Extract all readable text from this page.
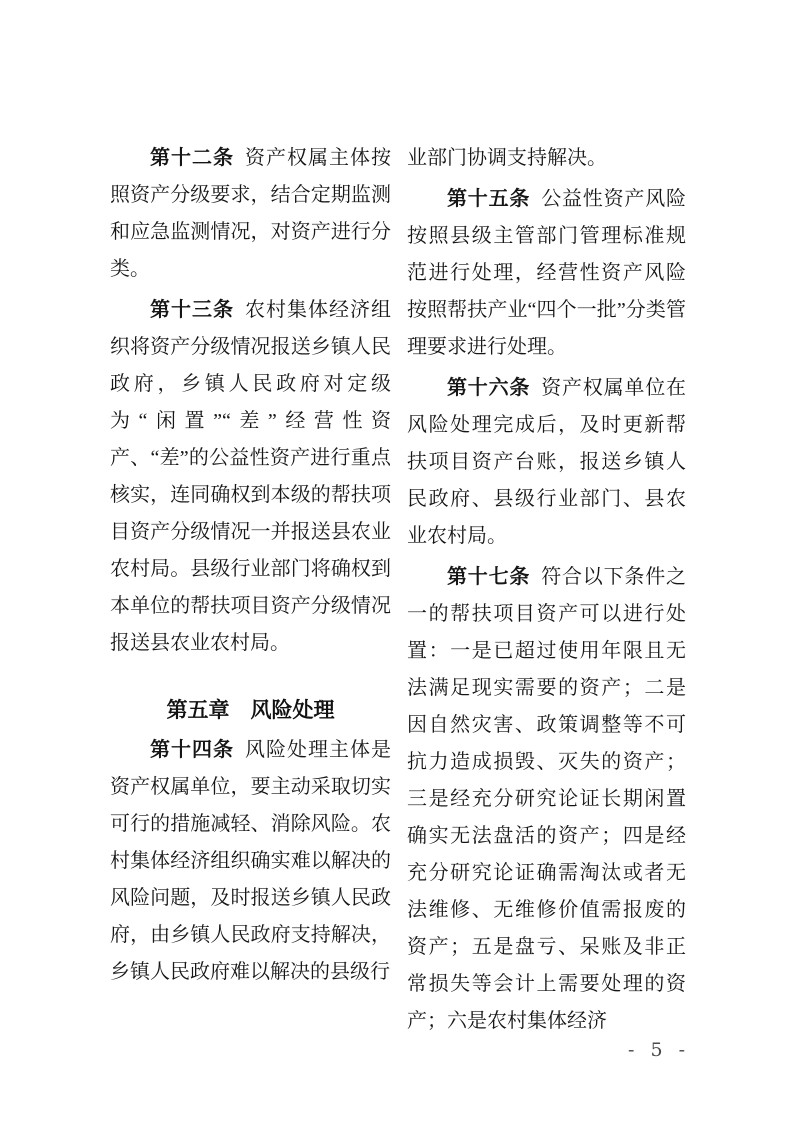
第十二条 资产权属主体按照资产分级要求，结合定期监测和应急监测情况，对资产进行分类。

第十三条 农村集体经济组织将资产分级情况报送乡镇人民政府，乡镇人民政府对定级为“闲置”“差”经营性资产、“差”的公益性资产进行重点核实，连同确权到本级的帮扶项目资产分级情况一并报送县农业农村局。县级行业部门将确权到本单位的帮扶项目资产分级情况报送县农业农村局。

第五章　风险处理

第十四条 风险处理主体是资产权属单位，要主动采取切实可行的措施减轻、消除风险。农村集体经济组织确实难以解决的风险问题，及时报送乡镇人民政府，由乡镇人民政府支持解决，乡镇人民政府难以解决的县级行

业部门协调支持解决。

第十五条 公益性资产风险按照县级主管部门管理标准规范进行处理，经营性资产风险按照帮扶产业“四个一批”分类管理要求进行处理。

第十六条 资产权属单位在风险处理完成后，及时更新帮扶项目资产台账，报送乡镇人民政府、县级行业部门、县农业农村局。

第十七条 符合以下条件之一的帮扶项目资产可以进行处置：一是已超过使用年限且无法满足现实需要的资产；二是因自然灾害、政策调整等不可抗力造成损毁、灭失的资产；三是经充分研究论证长期闲置确实无法盘活的资产；四是经充分研究论证确需淘汰或者无法维修、无维修价值需报废的资产；五是盘亏、呆账及非正常损失等会计上需要处理的资产；六是农村集体经济

- 5 -
